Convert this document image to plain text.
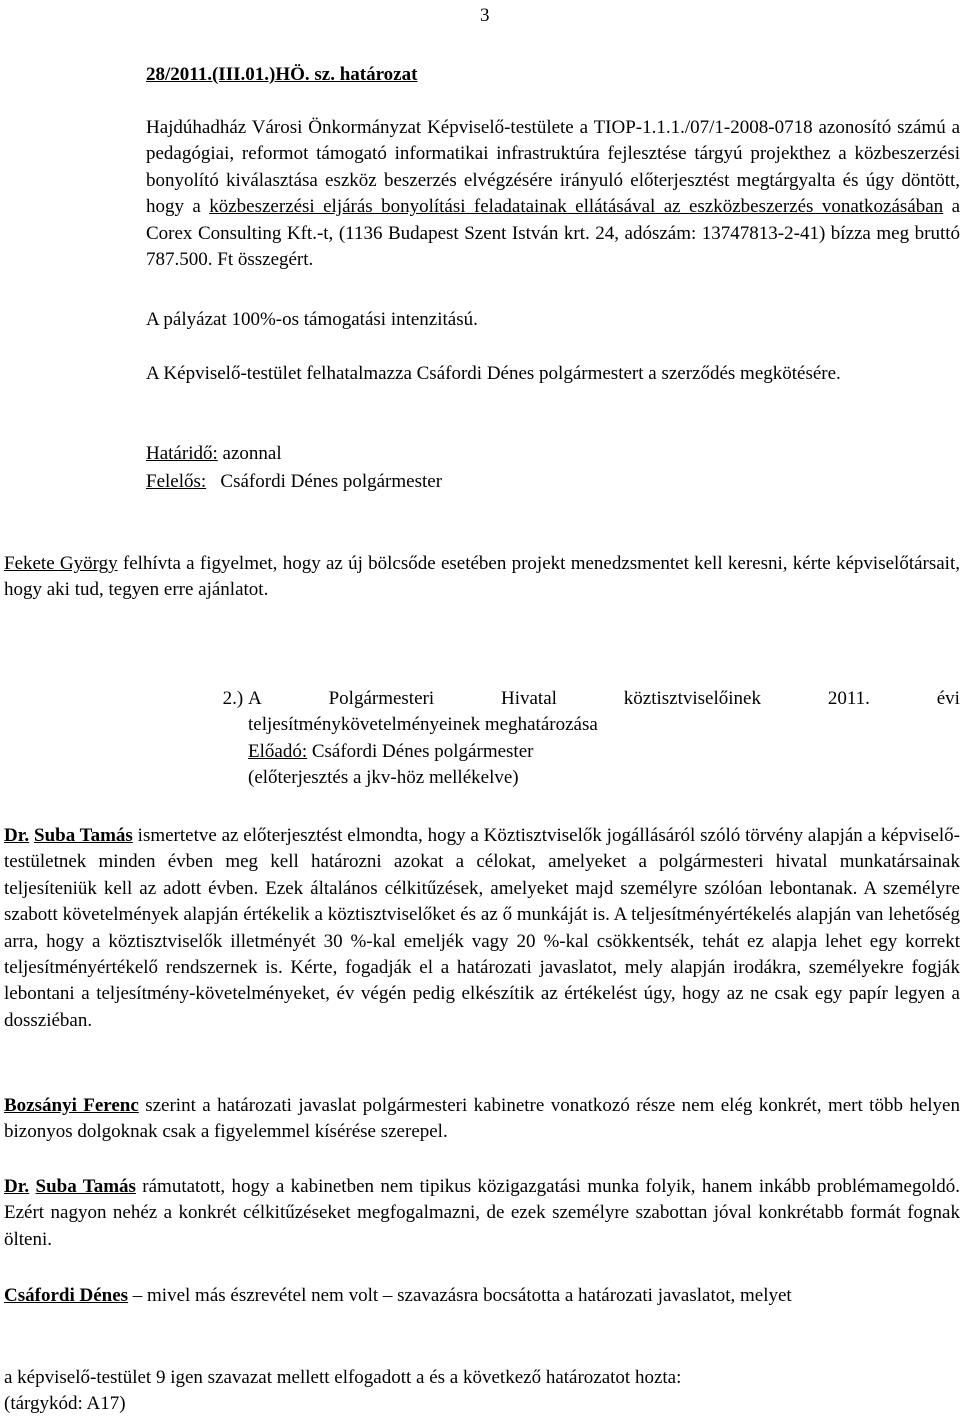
3
28/2011.(III.01.)HÖ. sz. határozat
Hajdúhadház Városi Önkormányzat Képviselő-testülete a TIOP-1.1.1./07/1-2008-0718 azonosító számú a pedagógiai, reformot támogató informatikai infrastruktúra fejlesztése tárgyú projekthez a közbeszerzési bonyolító kiválasztása eszköz beszerzés elvégzésére irányuló előterjesztést megtárgyalta és úgy döntött, hogy a közbeszerzési eljárás bonyolítási feladatainak ellátásával az eszközbeszerzés vonatkozásában a Corex Consulting Kft.-t, (1136 Budapest Szent István krt. 24, adószám: 13747813-2-41) bízza meg bruttó 787.500. Ft összegért.
A pályázat 100%-os támogatási intenzitású.
A Képviselő-testület felhatalmazza Csáfordi Dénes polgármestert a szerződés megkötésére.
Határidő: azonnal
Felelős:   Csáfordi Dénes polgármester
Fekete György felhívta a figyelmet, hogy az új bölcsőde esetében projekt menedzsmentet kell keresni, kérte képviselőtársait, hogy aki tud, tegyen erre ajánlatot.
2.) A	Polgármesteri	Hivatal	köztisztviselőinek	2011.	évi
teljesítménykövetelményeinek meghatározása
Előadó: Csáfordi Dénes polgármester
(előterjesztés a jkv-höz mellékelve)
Dr. Suba Tamás ismertetve az előterjesztést elmondta, hogy a Köztisztviselők jogállásáról szóló törvény alapján a képviselő-testületnek minden évben meg kell határozni azokat a célokat, amelyeket a polgármesteri hivatal munkatársainak teljesíteniük kell az adott évben. Ezek általános célkitűzések, amelyeket majd személyre szólóan lebontanak. A személyre szabott követelmények alapján értékelik a köztisztviselőket és az ő munkáját is. A teljesítményértékelés alapján van lehetőség arra, hogy a köztisztviselők illetményét 30 %-kal emeljék vagy 20 %-kal csökkentsék, tehát ez alapja lehet egy korrekt teljesítményértékelő rendszernek is. Kérte, fogadják el a határozati javaslatot, mely alapján irodákra, személyekre fogják lebontani a teljesítmény-követelményeket, év végén pedig elkészítik az értékelést úgy, hogy az ne csak egy papír legyen a dossziéban.
Bozsányi Ferenc szerint a határozati javaslat polgármesteri kabinetre vonatkozó része nem elég konkrét, mert több helyen bizonyos dolgoknak csak a figyelemmel kísérése szerepel.
Dr. Suba Tamás rámutatott, hogy a kabinetben nem tipikus közigazgatási munka folyik, hanem inkább problémamegoldó. Ezért nagyon nehéz a konkrét célkitűzéseket megfogalmazni, de ezek személyre szabottan jóval konkrétabb formát fognak ölteni.
Csáfordi Dénes – mivel más észrevétel nem volt – szavazásra bocsátotta a határozati javaslatot, melyet
a képviselő-testület 9 igen szavazat mellett elfogadott a és a következő határozatot hozta:
(tárgykód: A17)
